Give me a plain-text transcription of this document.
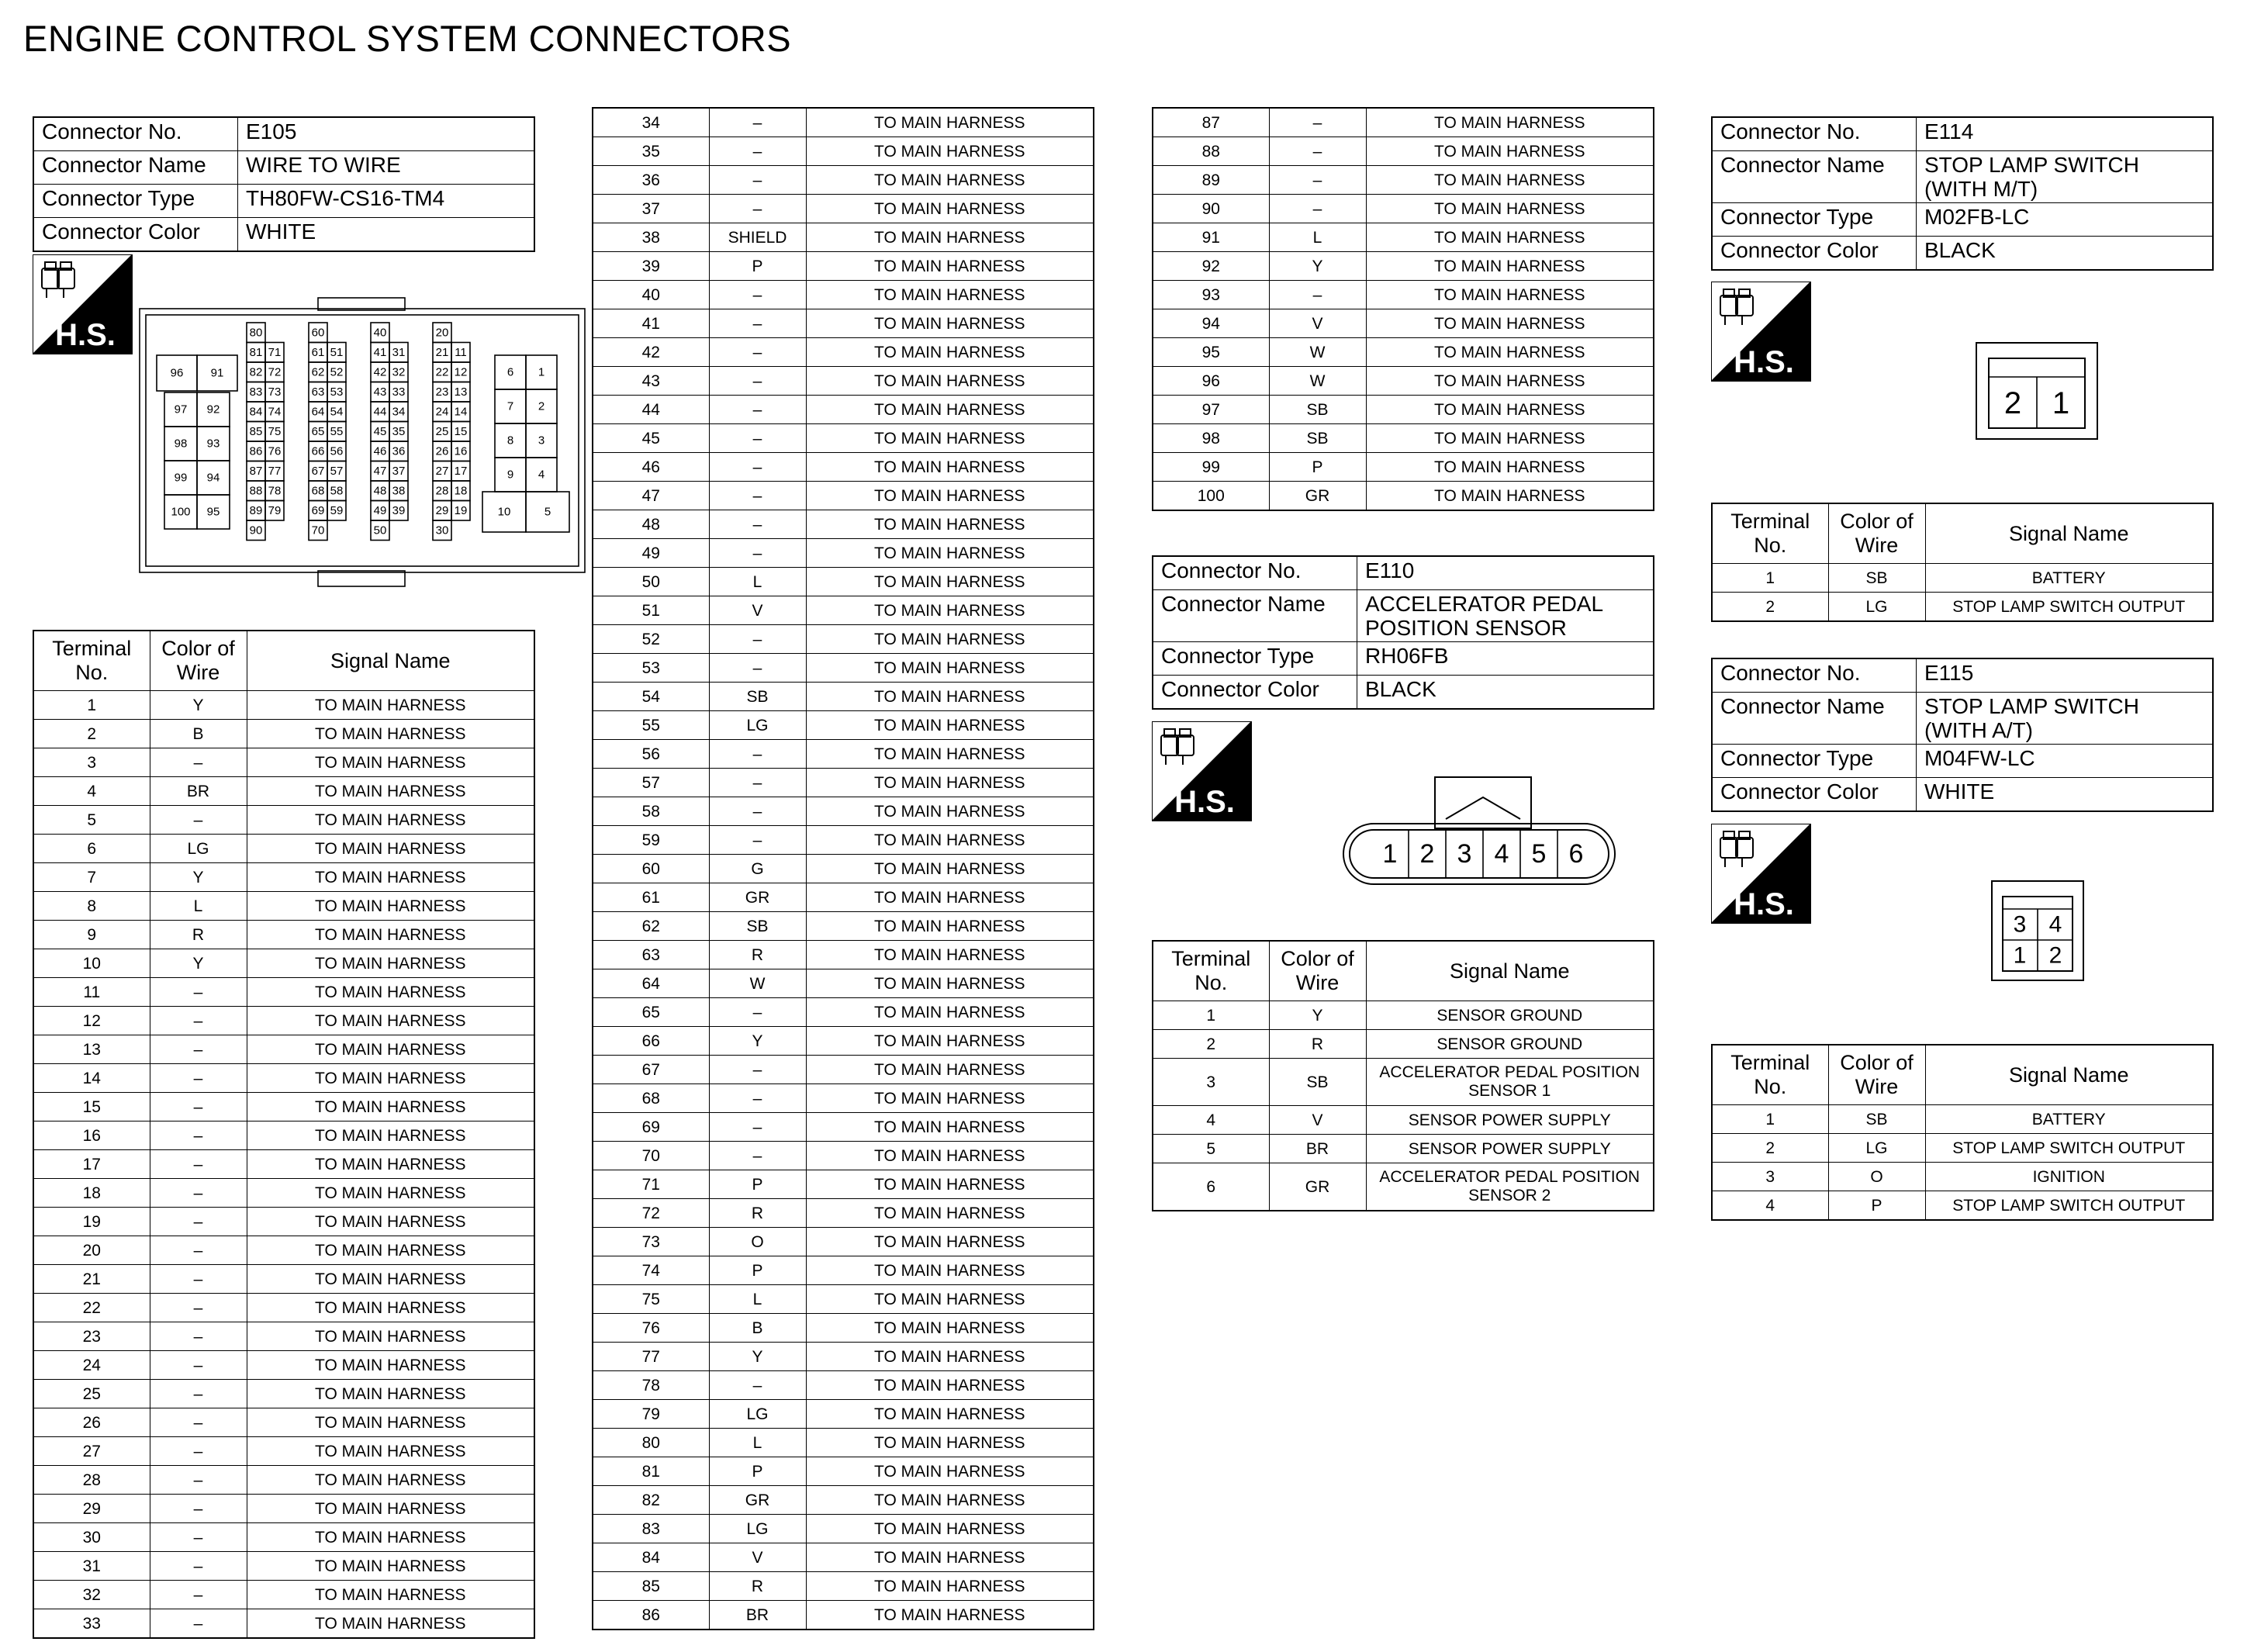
ENGINE CONTROL SYSTEM CONNECTORS
Connector No.	E105
Connector Name	WIRE TO WIRE
Connector Type	TH80FW-CS16-TM4
Connector Color	WHITE
H.S.	80	60	40	20
81 71	61 51	41 31	21 11
82 72	62 52	42 32	22 12
83 73	63 53	43 33	23 13
84 74	64 54	44 34	24 14
85 75	65 55	45 35	25 15
86 76	66 56	46 36	26 16
87 77	67 57	47 37	27 17
88 78	68 58	48 38	28 18
89 79	69 59	49 39	29 19
90	70	50	30
96 91
97 92
98 93
99 94
100 95
6 1
7 2
8 3
9 4
10	5
Terminal No.	Color of Wire	Signal Name
1	Y	TO MAIN HARNESS
2	B	TO MAIN HARNESS
3	–	TO MAIN HARNESS
4	BR	TO MAIN HARNESS
5	–	TO MAIN HARNESS
6	LG	TO MAIN HARNESS
7	Y	TO MAIN HARNESS
8	L	TO MAIN HARNESS
9	R	TO MAIN HARNESS
10	Y	TO MAIN HARNESS
11	–	TO MAIN HARNESS
12	–	TO MAIN HARNESS
13	–	TO MAIN HARNESS
14	–	TO MAIN HARNESS
15	–	TO MAIN HARNESS
16	–	TO MAIN HARNESS
17	–	TO MAIN HARNESS
18	–	TO MAIN HARNESS
19	–	TO MAIN HARNESS
20	–	TO MAIN HARNESS
21	–	TO MAIN HARNESS
22	–	TO MAIN HARNESS
23	–	TO MAIN HARNESS
24	–	TO MAIN HARNESS
25	–	TO MAIN HARNESS
26	–	TO MAIN HARNESS
27	–	TO MAIN HARNESS
28	–	TO MAIN HARNESS
29	–	TO MAIN HARNESS
30	–	TO MAIN HARNESS
31	–	TO MAIN HARNESS
32	–	TO MAIN HARNESS
33	–	TO MAIN HARNESS
34	–	TO MAIN HARNESS
35	–	TO MAIN HARNESS
36	–	TO MAIN HARNESS
37	–	TO MAIN HARNESS
38	SHIELD	TO MAIN HARNESS
39	P	TO MAIN HARNESS
40	–	TO MAIN HARNESS
41	–	TO MAIN HARNESS
42	–	TO MAIN HARNESS
43	–	TO MAIN HARNESS
44	–	TO MAIN HARNESS
45	–	TO MAIN HARNESS
46	–	TO MAIN HARNESS
47	–	TO MAIN HARNESS
48	–	TO MAIN HARNESS
49	–	TO MAIN HARNESS
50	L	TO MAIN HARNESS
51	V	TO MAIN HARNESS
52	–	TO MAIN HARNESS
53	–	TO MAIN HARNESS
54	SB	TO MAIN HARNESS
55	LG	TO MAIN HARNESS
56	–	TO MAIN HARNESS
57	–	TO MAIN HARNESS
58	–	TO MAIN HARNESS
59	–	TO MAIN HARNESS
60	G	TO MAIN HARNESS
61	GR	TO MAIN HARNESS
62	SB	TO MAIN HARNESS
63	R	TO MAIN HARNESS
64	W	TO MAIN HARNESS
65	–	TO MAIN HARNESS
66	Y	TO MAIN HARNESS
67	–	TO MAIN HARNESS
68	–	TO MAIN HARNESS
69	–	TO MAIN HARNESS
70	–	TO MAIN HARNESS
71	P	TO MAIN HARNESS
72	R	TO MAIN HARNESS
73	O	TO MAIN HARNESS
74	P	TO MAIN HARNESS
75	L	TO MAIN HARNESS
76	B	TO MAIN HARNESS
77	Y	TO MAIN HARNESS
78	–	TO MAIN HARNESS
79	LG	TO MAIN HARNESS
80	L	TO MAIN HARNESS
81	P	TO MAIN HARNESS
82	GR	TO MAIN HARNESS
83	LG	TO MAIN HARNESS
84	V	TO MAIN HARNESS
85	R	TO MAIN HARNESS
86	BR	TO MAIN HARNESS
87	–	TO MAIN HARNESS
88	–	TO MAIN HARNESS
89	–	TO MAIN HARNESS
90	–	TO MAIN HARNESS
91	L	TO MAIN HARNESS
92	Y	TO MAIN HARNESS
93	–	TO MAIN HARNESS
94	V	TO MAIN HARNESS
95	W	TO MAIN HARNESS
96	W	TO MAIN HARNESS
97	SB	TO MAIN HARNESS
98	SB	TO MAIN HARNESS
99	P	TO MAIN HARNESS
100	GR	TO MAIN HARNESS
Connector No.	E110
Connector Name	ACCELERATOR PEDAL POSITION SENSOR
Connector Type	RH06FB
Connector Color	BLACK
H.S.
1 2 3 4 5 6
Terminal No.	Color of Wire	Signal Name
1	Y	SENSOR GROUND
2	R	SENSOR GROUND
3	SB	ACCELERATOR PEDAL POSITION SENSOR 1
4	V	SENSOR POWER SUPPLY
5	BR	SENSOR POWER SUPPLY
6	GR	ACCELERATOR PEDAL POSITION SENSOR 2
Connector No.	E114
Connector Name	STOP LAMP SWITCH (WITH M/T)
Connector Type	M02FB-LC
Connector Color	BLACK
H.S.
2 1
Terminal No.	Color of Wire	Signal Name
1	SB	BATTERY
2	LG	STOP LAMP SWITCH OUTPUT
Connector No.	E115
Connector Name	STOP LAMP SWITCH (WITH A/T)
Connector Type	M04FW-LC
Connector Color	WHITE
H.S.
3 4
1 2
Terminal No.	Color of Wire	Signal Name
1	SB	BATTERY
2	LG	STOP LAMP SWITCH OUTPUT
3	O	IGNITION
4	P	STOP LAMP SWITCH OUTPUT
